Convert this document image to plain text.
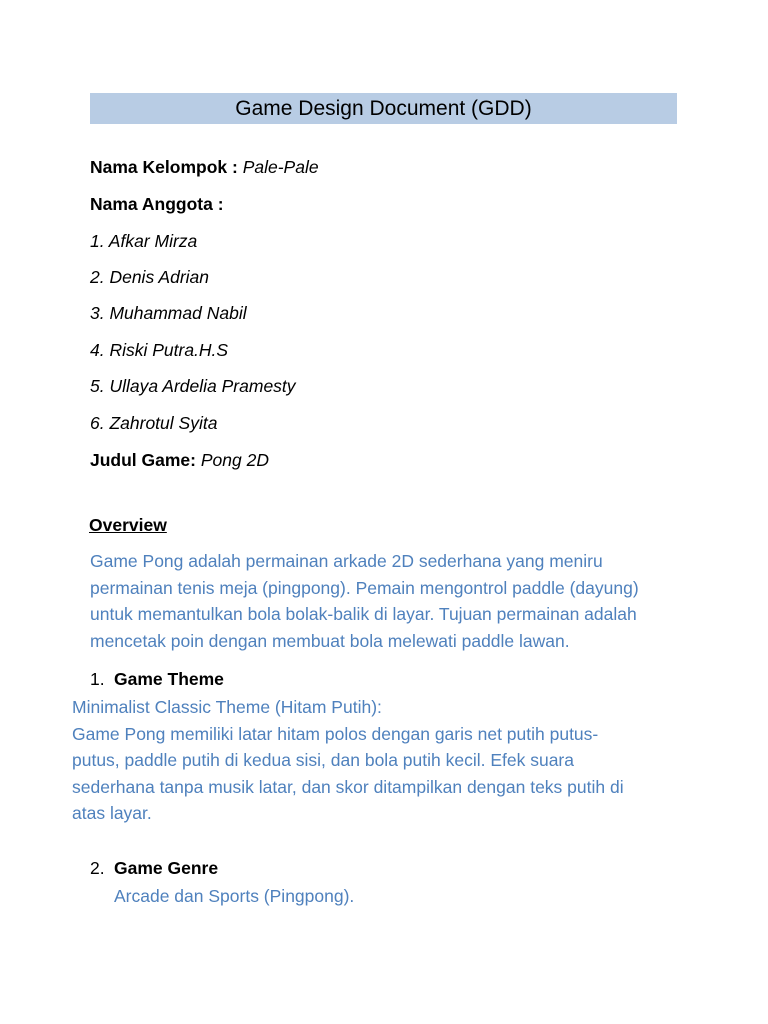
Game Design Document (GDD)
Nama Kelompok : Pale-Pale
Nama Anggota :
1. Afkar Mirza
2. Denis Adrian
3. Muhammad Nabil
4. Riski Putra.H.S
5. Ullaya Ardelia Pramesty
6. Zahrotul Syita
Judul Game: Pong 2D
Overview

Game Pong adalah permainan arkade 2D sederhana yang meniru

permainan tenis meja (pingpong). Pemain mengontrol paddle (dayung)

untuk memantulkan bola bolak-balik di layar. Tujuan permainan adalah

mencetak poin dengan membuat bola melewati paddle lawan.

1. Game Theme

Minimalist Classic Theme (Hitam Putih):

Game Pong memiliki latar hitam polos dengan garis net putih putus-

putus, paddle putih di kedua sisi, dan bola putih kecil. Efek suara

sederhana tanpa musik latar, dan skor ditampilkan dengan teks putih di

atas layar.

2. Game Genre

Arcade dan Sports (Pingpong).
